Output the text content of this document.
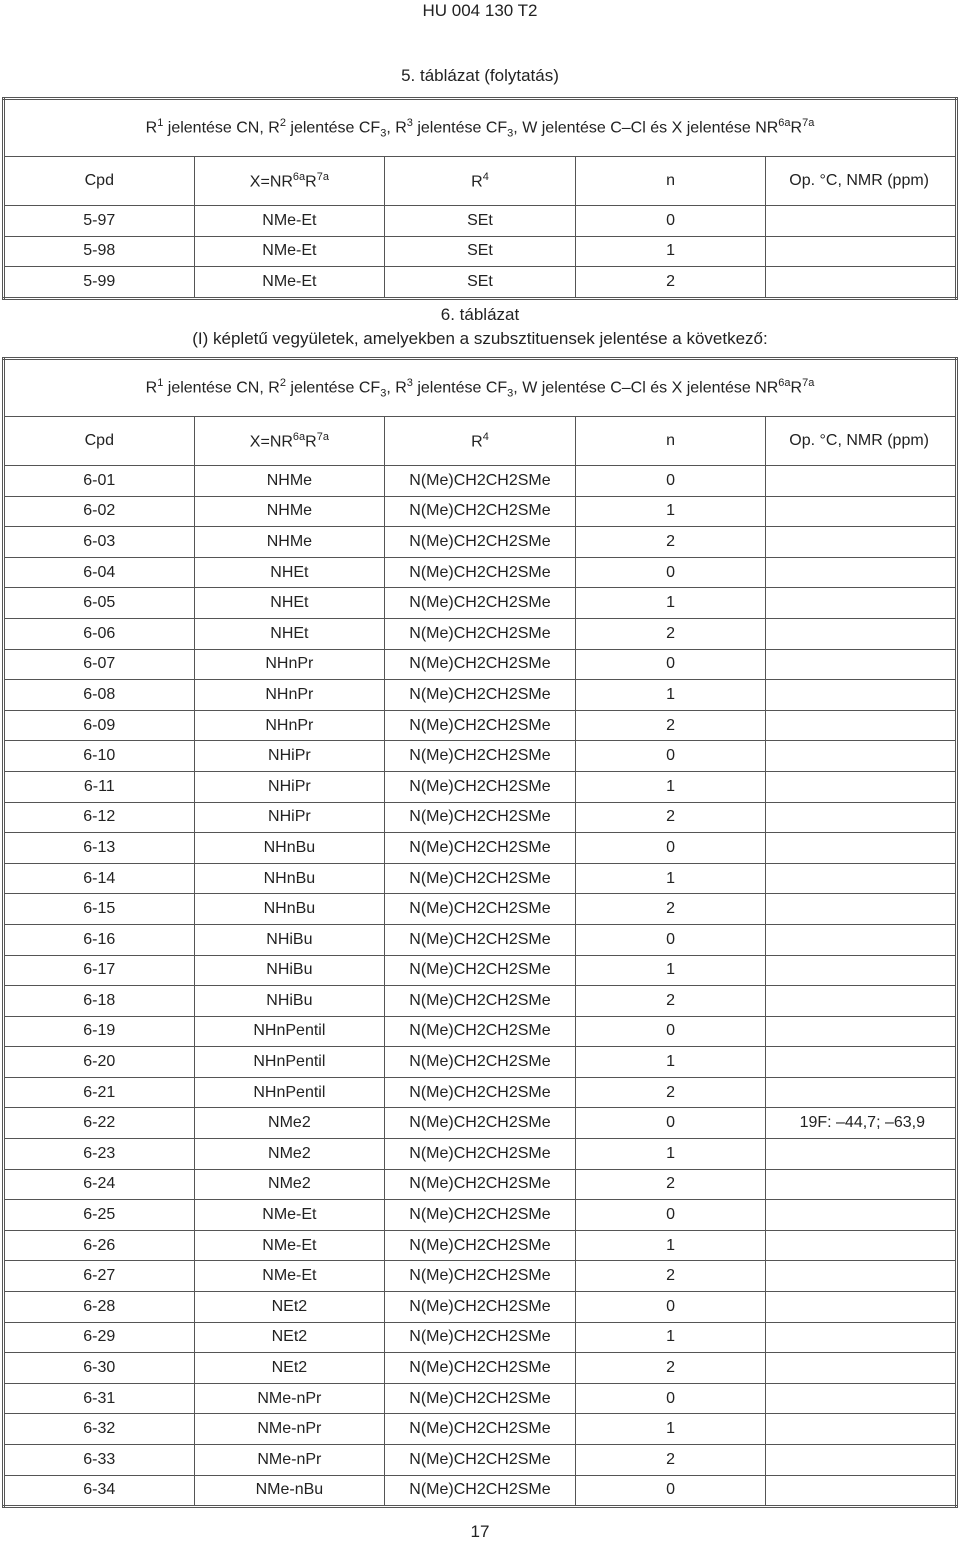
HU 004 130 T2
5. táblázat (folytatás)
$R^1$ jelentése CN, $R^2$ jelentése $CF_3$, $R^3$ jelentése $CF_3$, W jelentése C–Cl és X jelentése $NR^{6a}R^{7a}$
Cpd	$X=NR^{6a}R^{7a}$	$R^4$	n	Op. °C, NMR (ppm)
5-97	NMe-Et	SEt	0	
5-98	NMe-Et	SEt	1	
5-99	NMe-Et	SEt	2	
6. táblázat
(I) képletű vegyületek, amelyekben a szubsztituensek jelentése a következő:
$R^1$ jelentése CN, $R^2$ jelentése $CF_3$, $R^3$ jelentése $CF_3$, W jelentése C–Cl és X jelentése $NR^{6a}R^{7a}$
Cpd	$X=NR^{6a}R^{7a}$	$R^4$	n	Op. °C, NMR (ppm)
6-01	NHMe	N(Me)CH2CH2SMe	0	
6-02	NHMe	N(Me)CH2CH2SMe	1	
6-03	NHMe	N(Me)CH2CH2SMe	2	
6-04	NHEt	N(Me)CH2CH2SMe	0	
6-05	NHEt	N(Me)CH2CH2SMe	1	
6-06	NHEt	N(Me)CH2CH2SMe	2	
6-07	NHnPr	N(Me)CH2CH2SMe	0	
6-08	NHnPr	N(Me)CH2CH2SMe	1	
6-09	NHnPr	N(Me)CH2CH2SMe	2	
6-10	NHiPr	N(Me)CH2CH2SMe	0	
6-11	NHiPr	N(Me)CH2CH2SMe	1	
6-12	NHiPr	N(Me)CH2CH2SMe	2	
6-13	NHnBu	N(Me)CH2CH2SMe	0	
6-14	NHnBu	N(Me)CH2CH2SMe	1	
6-15	NHnBu	N(Me)CH2CH2SMe	2	
6-16	NHiBu	N(Me)CH2CH2SMe	0	
6-17	NHiBu	N(Me)CH2CH2SMe	1	
6-18	NHiBu	N(Me)CH2CH2SMe	2	
6-19	NHnPentil	N(Me)CH2CH2SMe	0	
6-20	NHnPentil	N(Me)CH2CH2SMe	1	
6-21	NHnPentil	N(Me)CH2CH2SMe	2	
6-22	NMe2	N(Me)CH2CH2SMe	0	19F: –44,7; –63,9
6-23	NMe2	N(Me)CH2CH2SMe	1	
6-24	NMe2	N(Me)CH2CH2SMe	2	
6-25	NMe-Et	N(Me)CH2CH2SMe	0	
6-26	NMe-Et	N(Me)CH2CH2SMe	1	
6-27	NMe-Et	N(Me)CH2CH2SMe	2	
6-28	NEt2	N(Me)CH2CH2SMe	0	
6-29	NEt2	N(Me)CH2CH2SMe	1	
6-30	NEt2	N(Me)CH2CH2SMe	2	
6-31	NMe-nPr	N(Me)CH2CH2SMe	0	
6-32	NMe-nPr	N(Me)CH2CH2SMe	1	
6-33	NMe-nPr	N(Me)CH2CH2SMe	2	
6-34	NMe-nBu	N(Me)CH2CH2SMe	0	
17
